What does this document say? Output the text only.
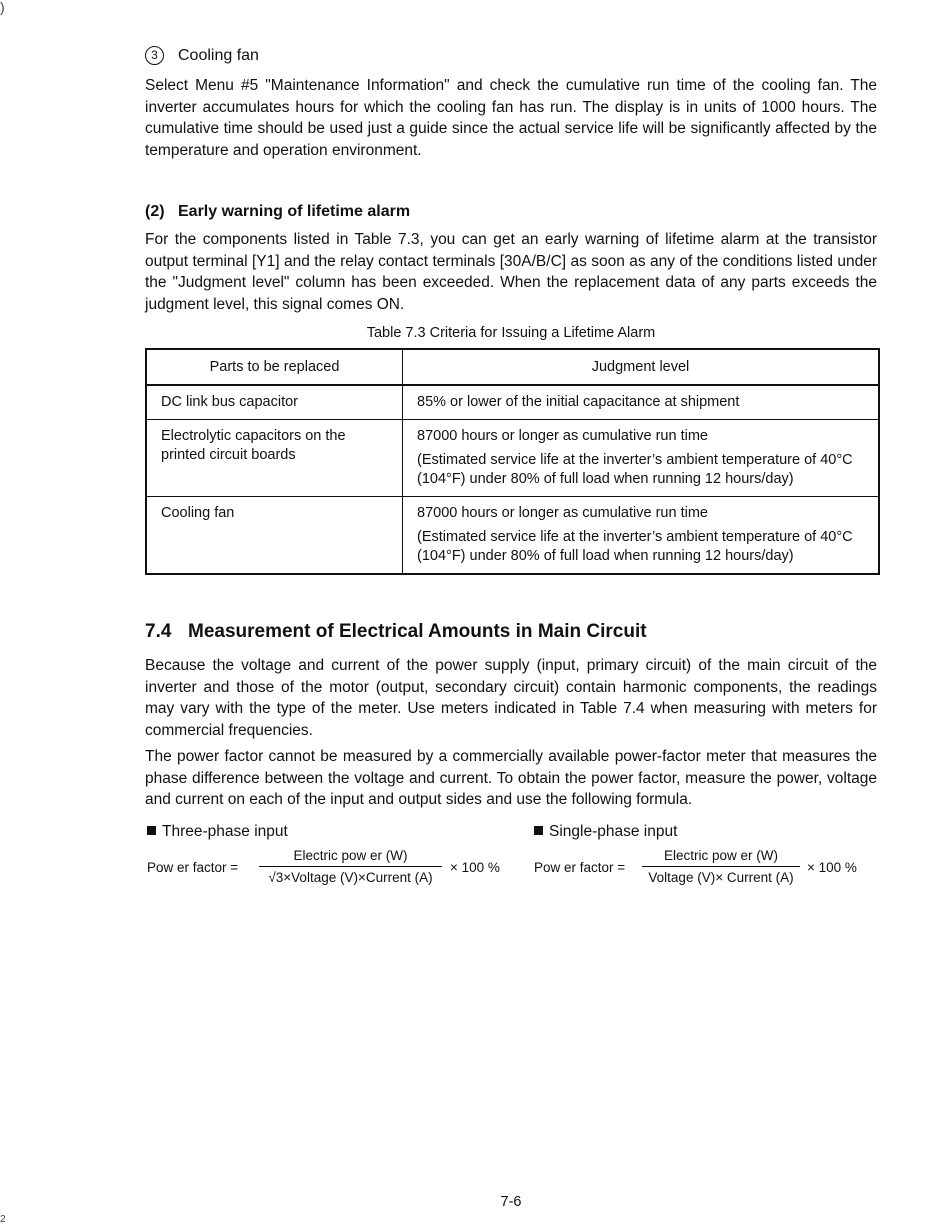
)
2
3 Cooling fan

Select Menu #5 "Maintenance Information" and check the cumulative run time of the cooling fan. The inverter accumulates hours for which the cooling fan has run. The display is in units of 1000 hours. The cumulative time should be used just a guide since the actual service life will be significantly affected by the temperature and operation environment.

(2) Early warning of lifetime alarm

For the components listed in Table 7.3, you can get an early warning of lifetime alarm at the transistor output terminal [Y1] and the relay contact terminals [30A/B/C] as soon as any of the conditions listed under the "Judgment level" column has been exceeded. When the replacement data of any parts exceeds the judgment level, this signal comes ON.

Table 7.3 Criteria for Issuing a Lifetime Alarm
Parts to be replaced	Judgment level
DC link bus capacitor	85% or lower of the initial capacitance at shipment
Electrolytic capacitors on the printed circuit boards	87000 hours or longer as cumulative run time
(Estimated service life at the inverter’s ambient temperature of 40°C (104°F) under 80% of full load when running 12 hours/day)

Cooling fan	87000 hours or longer as cumulative run time
(Estimated service life at the inverter’s ambient temperature of 40°C (104°F) under 80% of full load when running 12 hours/day)
7.4 Measurement of Electrical Amounts in Main Circuit

Because the voltage and current of the power supply (input, primary circuit) of the main circuit of the inverter and those of the motor (output, secondary circuit) contain harmonic components, the readings may vary with the type of the meter. Use meters indicated in Table 7.4 when measuring with meters for commercial frequencies.

The power factor cannot be measured by a commercially available power-factor meter that measures the phase difference between the voltage and current. To obtain the power factor, measure the power, voltage and current on each of the input and output sides and use the following formula.

Three-phase input
Pow er factor =
Electric pow er (W)
√3×Voltage (V)×Current (A)
× 100 %
Single-phase input
Pow er factor =
Electric pow er (W)
Voltage (V)× Current (A)
× 100 %
7-6
